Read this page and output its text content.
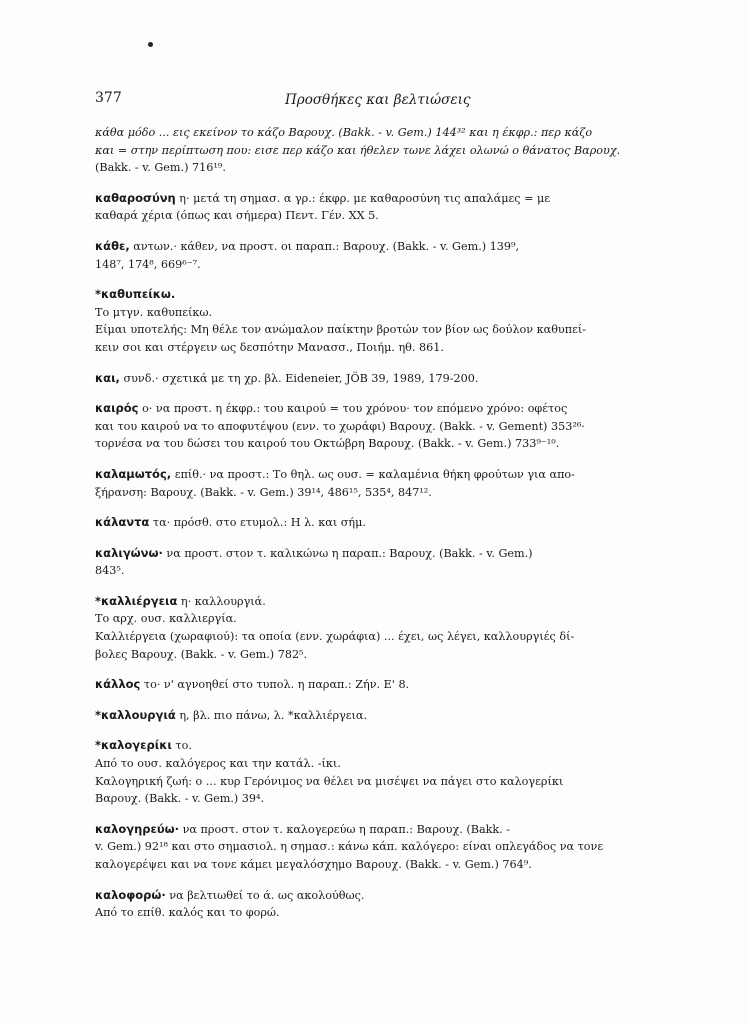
377	Προσθήκες και βελτιώσεις

κάθα μόδο ... εις εκείνον το κάζο Βαρουχ. (Bakk. - v. Gem.) 144³² και η έκφρ.: περ κάζο

και = στην περίπτωση που: εισε περ κάζο και ήθελεν τωνε λάχει ολωνώ ο θάνατος Βαρουχ.

(Bakk. - v. Gem.) 716¹⁹.

καθαροσύνη η· μετά τη σημασ. α γρ.: έκφρ. με καθαροσύνη τις απαλάμες = με

καθαρά χέρια (όπως και σήμερα) Πεντ. Γέν. XX 5.

κάθε, αντων.· κάθεν, να προστ. οι παραπ.: Βαρουχ. (Bakk. - v. Gem.) 139⁹,

148⁷, 174⁸, 669⁶⁻⁷.

*καθυπείκω.

Το μτγν. καθυπείκω.

Είμαι υποτελής: Μη θέλε τον ανώμαλον παίκτην βροτών τον βίον ως δούλον καθυπεί-

κειν σοι και στέργειν ως δεσπότην Μανασσ., Ποιήμ. ηθ. 861.

και, συνδ.· σχετικά με τη χρ. βλ. Eideneier, JÖB 39, 1989, 179-200.

καιρός ο· να προστ. η έκφρ.: του καιρού = του χρόνου· τον επόμενο χρόνο: οφέτος

και του καιρού να το αποφυτέψου (ενν. το χωράφι) Βαρουχ. (Bakk. - v. Gement) 353²⁶·

τορνέσα να του δώσει του καιρού του Οκτώβρη Βαρουχ. (Bakk. - v. Gem.) 733⁹⁻¹⁰.

καλαμωτός, επίθ.· να προστ.: Το θηλ. ως ουσ. = καλαμένια θήκη φρούτων για απο-

ξήρανση: Βαρουχ. (Bakk. - v. Gem.) 39¹⁴, 486¹⁵, 535⁴, 847¹².

κάλαντα τα· πρόσθ. στο ετυμολ.: Η λ. και σήμ.

καλιγώνω· να προστ. στον τ. καλικώνω η παραπ.: Βαρουχ. (Bakk. - v. Gem.)

843⁵.

*καλλιέργεια η· καλλουργιά.

Το αρχ. ουσ. καλλιεργία.

Καλλιέργεια (χωραφιού): τα οποία (ενν. χωράφια) ... έχει, ως λέγει, καλλουργιές δί-

βολες Βαρουχ. (Bakk. - v. Gem.) 782⁵.

κάλλος το· ν' αγνοηθεί στο τυπολ. η παραπ.: Ζήν. Ε' 8.

*καλλουργιά η, βλ. πιο πάνω, λ. *καλλιέργεια.

*καλογερίκι το.

Από το ουσ. καλόγερος και την κατάλ. -ίκι.

Καλογηρική ζωή: ο ... κυρ Γερόνιμος να θέλει να μισέψει να πάγει στο καλογερίκι

Βαρουχ. (Bakk. - v. Gem.) 39⁴.

καλογηρεύω· να προστ. στον τ. καλογερεύω η παραπ.: Βαρουχ. (Bakk. -

v. Gem.) 92¹⁸ και στο σημασιολ. η σημασ.: κάνω κάπ. καλόγερο: είναι οπλεγάδος να τονε

καλογερέψει και να τονε κάμει μεγαλόσχημο Βαρουχ. (Bakk. - v. Gem.) 764⁹.

καλοφορώ· να βελτιωθεί το ά. ως ακολούθως.

Από το επίθ. καλός και το φορώ.
